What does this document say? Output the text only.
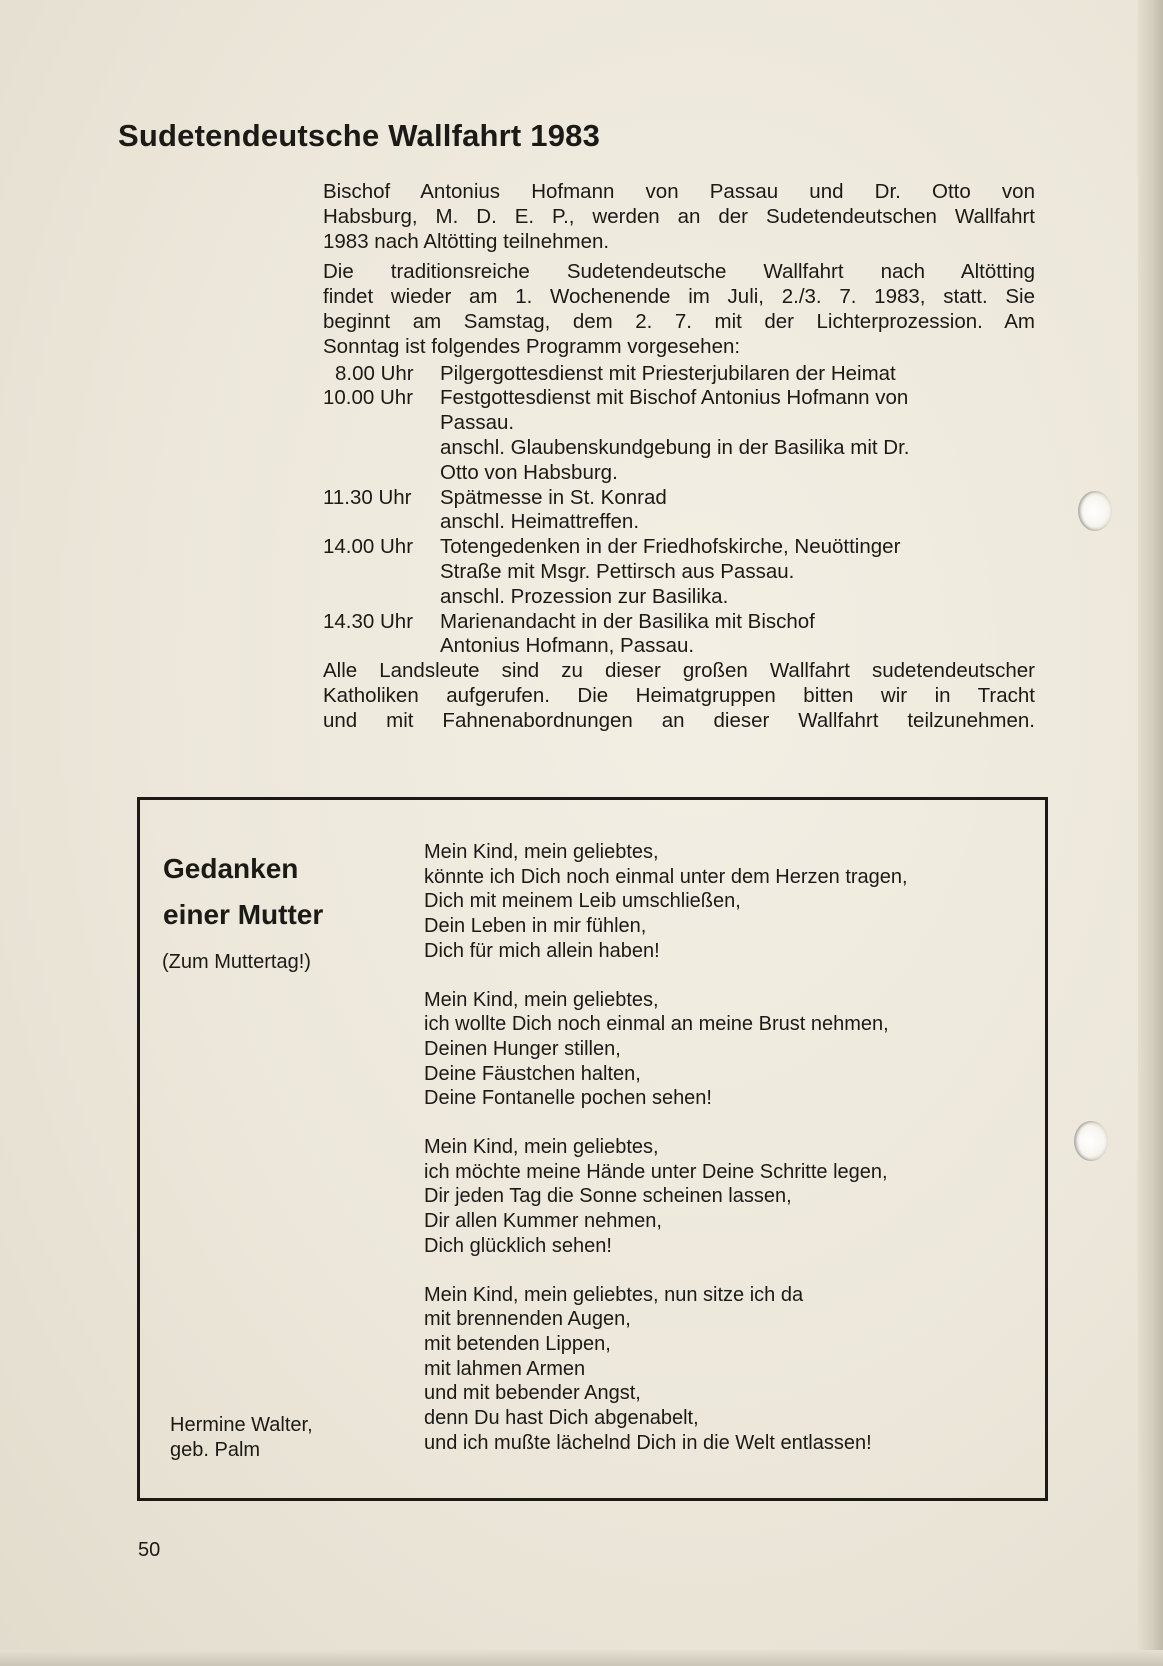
Sudetendeutsche Wallfahrt 1983
Bischof Antonius Hofmann von Passau und Dr. Otto von
Habsburg, M. D. E. P., werden an der Sudetendeutschen Wallfahrt
1983 nach Altötting teilnehmen.
Die traditionsreiche Sudetendeutsche Wallfahrt nach Altötting
findet wieder am 1. Wochenende im Juli, 2./3. 7. 1983, statt. Sie
beginnt am Samstag, dem 2. 7. mit der Lichterprozession. Am
Sonntag ist folgendes Programm vorgesehen:
8.00 Uhr Pilgergottesdienst mit Priesterjubilaren der Heimat
10.00 Uhr Festgottesdienst mit Bischof Antonius Hofmann von
Passau.
anschl. Glaubenskundgebung in der Basilika mit Dr.
Otto von Habsburg.
11.30 Uhr Spätmesse in St. Konrad
anschl. Heimattreffen.
14.00 Uhr Totengedenken in der Friedhofskirche, Neuöttinger
Straße mit Msgr. Pettirsch aus Passau.
anschl. Prozession zur Basilika.
14.30 Uhr Marienandacht in der Basilika mit Bischof
Antonius Hofmann, Passau.
Alle Landsleute sind zu dieser großen Wallfahrt sudetendeutscher
Katholiken aufgerufen. Die Heimatgruppen bitten wir in Tracht
und mit Fahnenabordnungen an dieser Wallfahrt teilzunehmen.
Gedanken
einer Mutter
(Zum Muttertag!)
Mein Kind, mein geliebtes,
könnte ich Dich noch einmal unter dem Herzen tragen,
Dich mit meinem Leib umschließen,
Dein Leben in mir fühlen,
Dich für mich allein haben!
Mein Kind, mein geliebtes,
ich wollte Dich noch einmal an meine Brust nehmen,
Deinen Hunger stillen,
Deine Fäustchen halten,
Deine Fontanelle pochen sehen!
Mein Kind, mein geliebtes,
ich möchte meine Hände unter Deine Schritte legen,
Dir jeden Tag die Sonne scheinen lassen,
Dir allen Kummer nehmen,
Dich glücklich sehen!
Mein Kind, mein geliebtes, nun sitze ich da
mit brennenden Augen,
mit betenden Lippen,
mit lahmen Armen
und mit bebender Angst,
denn Du hast Dich abgenabelt,
und ich mußte lächelnd Dich in die Welt entlassen!
Hermine Walter,
geb. Palm
50
